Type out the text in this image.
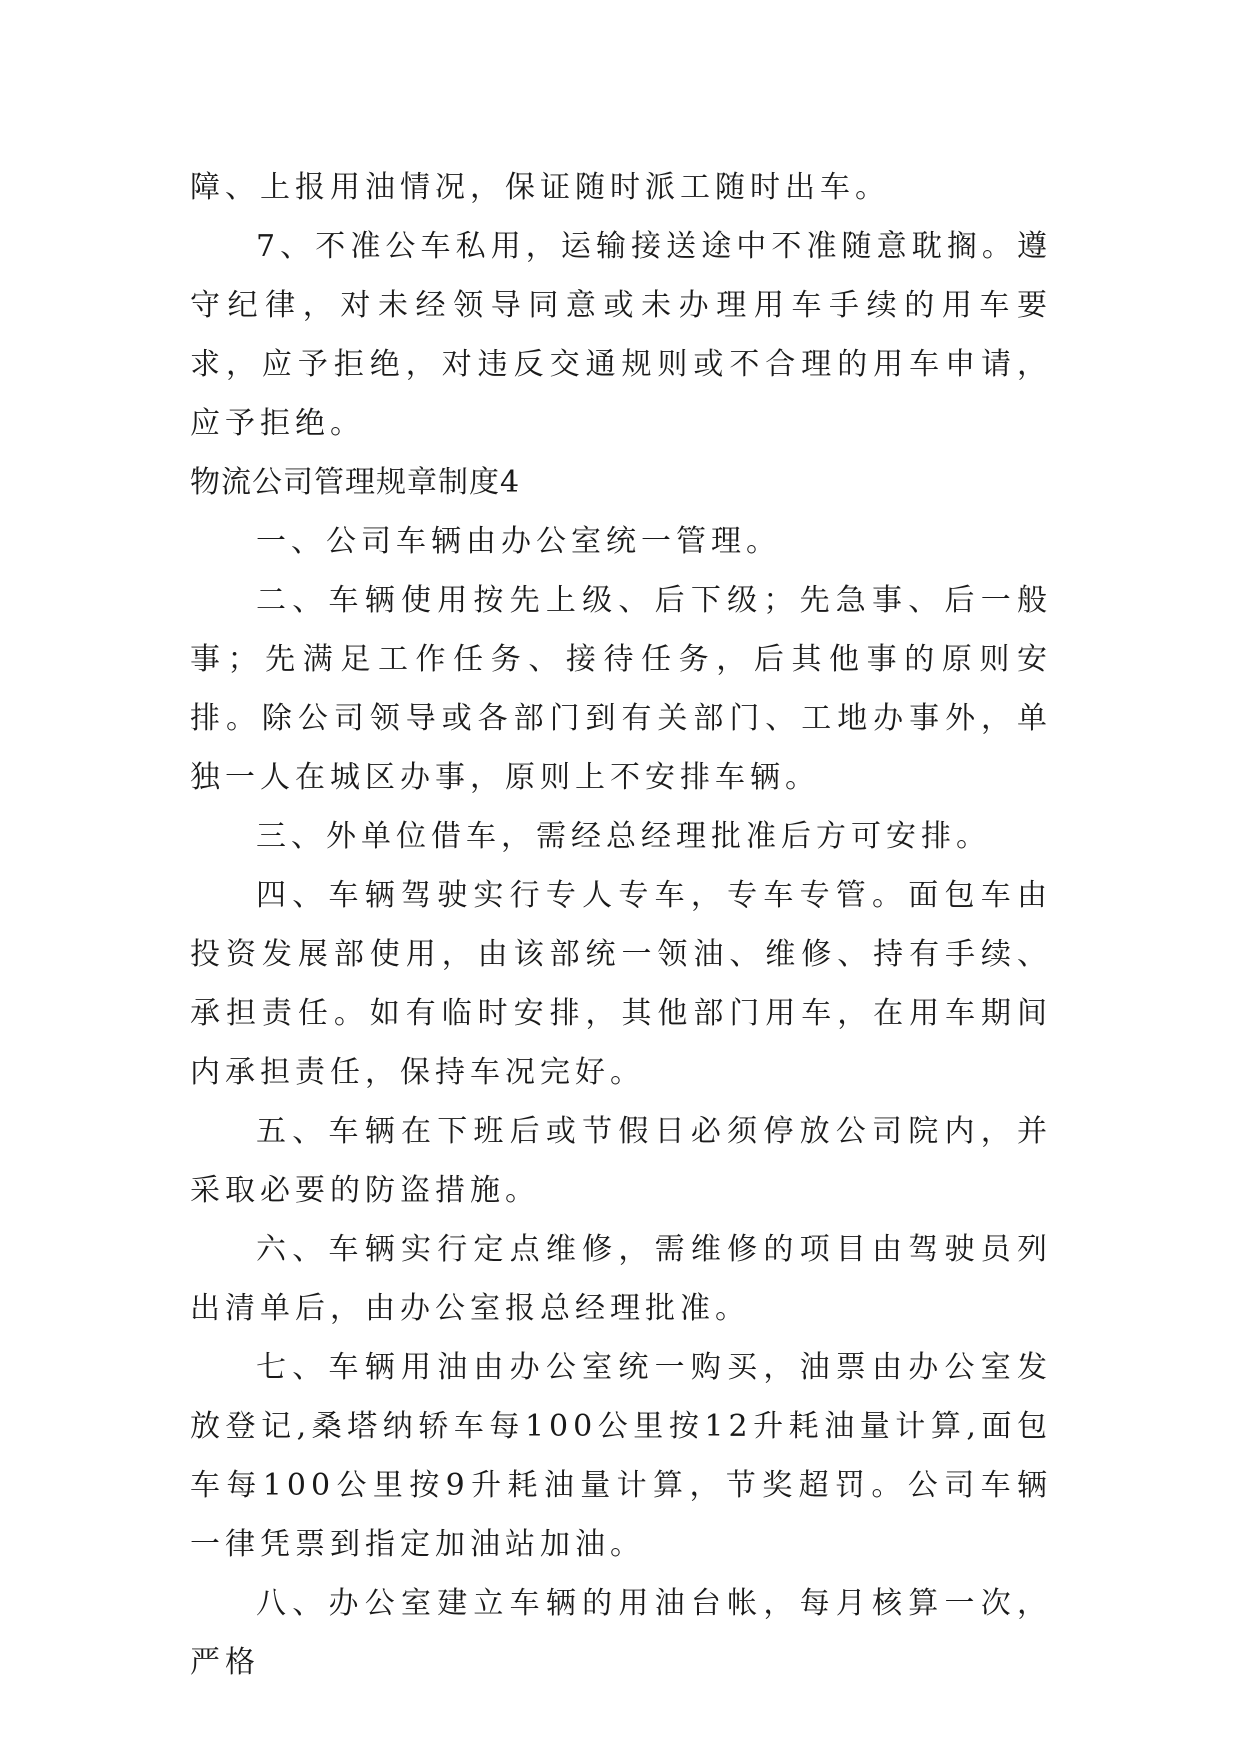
障、上报用油情况，保证随时派工随时出车。

7、不准公车私用，运输接送途中不准随意耽搁。遵守纪律，对未经领导同意或未办理用车手续的用车要求，应予拒绝，对违反交通规则或不合理的用车申请，应予拒绝。

物流公司管理规章制度4

一、公司车辆由办公室统一管理。

二、车辆使用按先上级、后下级；先急事、后一般事；先满足工作任务、接待任务，后其他事的原则安排。除公司领导或各部门到有关部门、工地办事外，单独一人在城区办事，原则上不安排车辆。

三、外单位借车，需经总经理批准后方可安排。

四、车辆驾驶实行专人专车，专车专管。面包车由投资发展部使用，由该部统一领油、维修、持有手续、承担责任。如有临时安排，其他部门用车，在用车期间内承担责任，保持车况完好。

五、车辆在下班后或节假日必须停放公司院内，并采取必要的防盗措施。

六、车辆实行定点维修，需维修的项目由驾驶员列出清单后，由办公室报总经理批准。

七、车辆用油由办公室统一购买，油票由办公室发放登记,桑塔纳轿车每100公里按12升耗油量计算,面包车每100公里按9升耗油量计算，节奖超罚。公司车辆一律凭票到指定加油站加油。

八、办公室建立车辆的用油台帐，每月核算一次，严格
